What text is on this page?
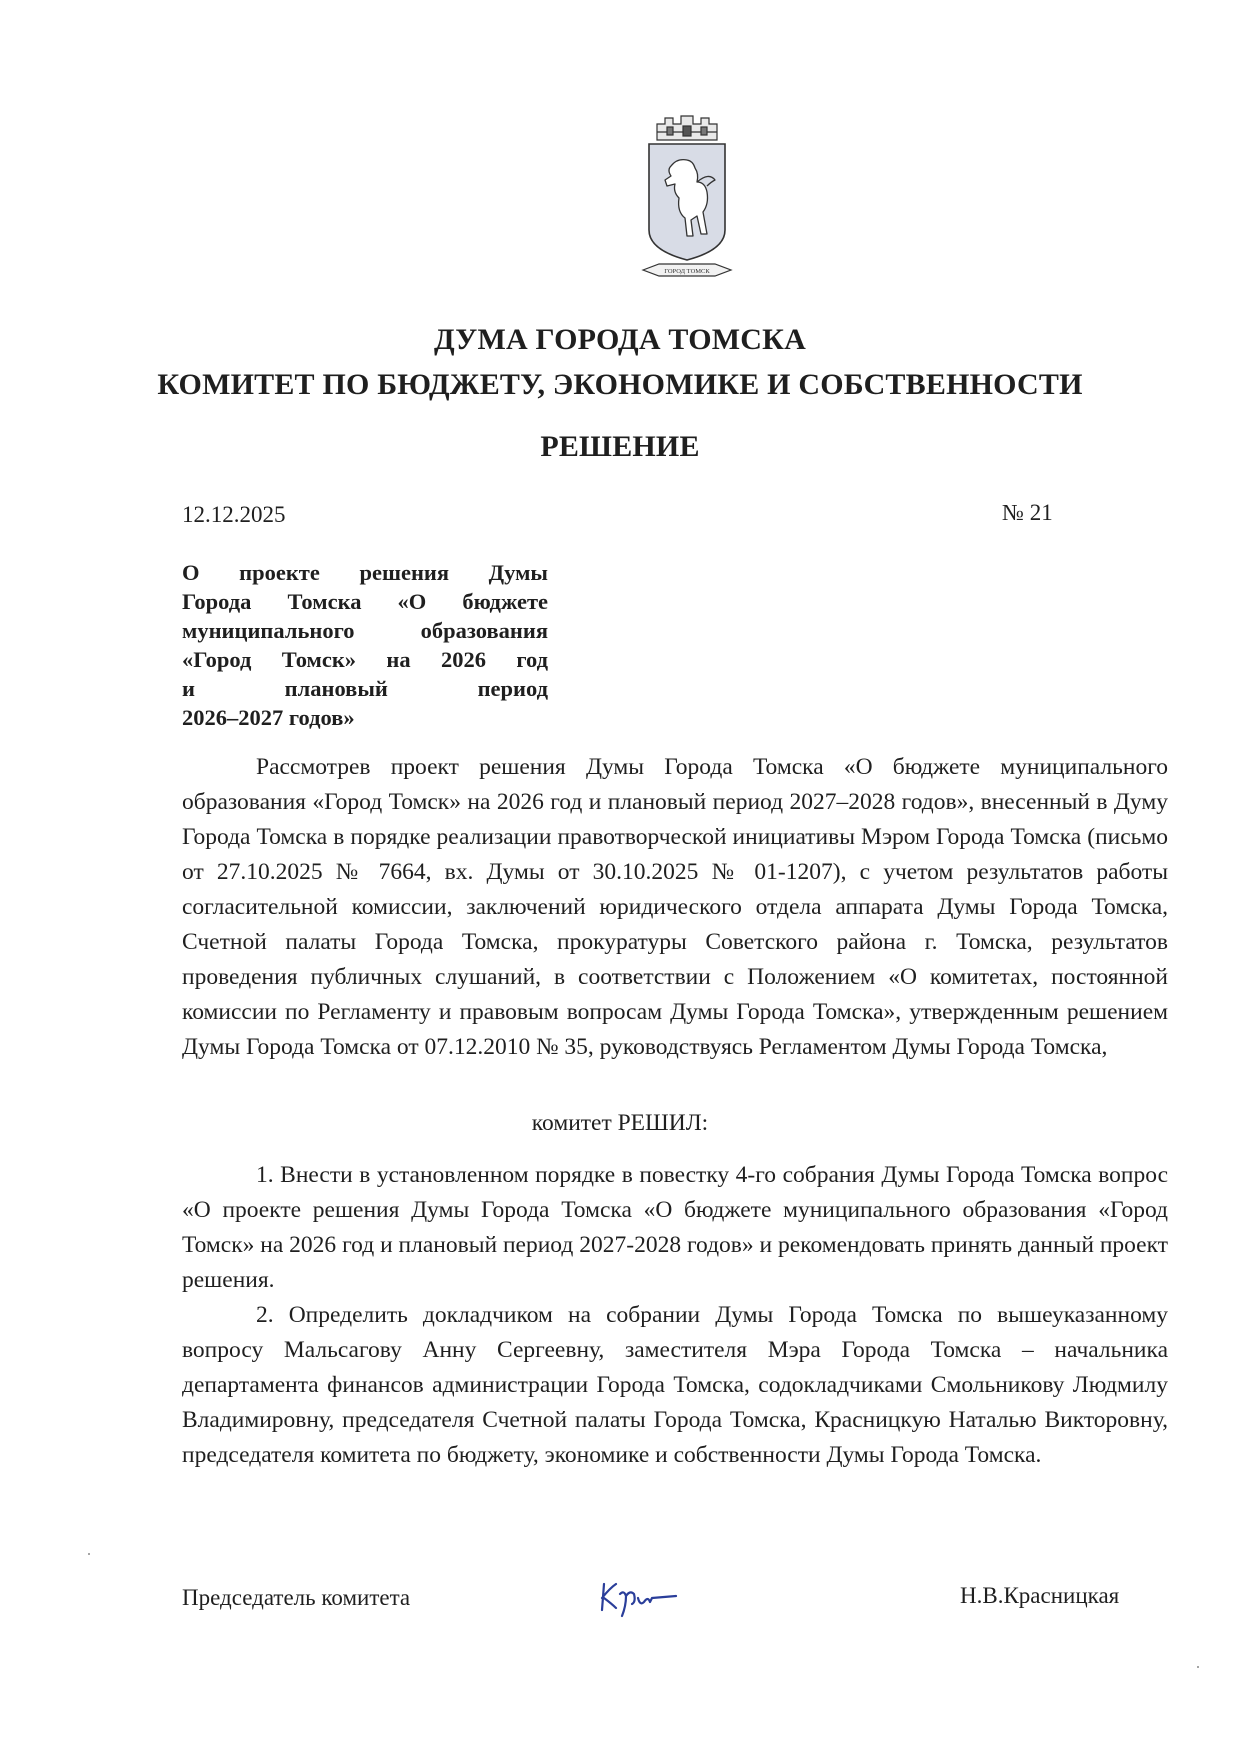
ГОРОД ТОМСК
ДУМА ГОРОДА ТОМСКА
КОМИТЕТ ПО БЮДЖЕТУ, ЭКОНОМИКЕ И СОБСТВЕННОСТИ
РЕШЕНИЕ
12.12.2025	№ 21
О проекте решения Думы
Города Томска «О бюджете
муниципального образования
«Город Томск» на 2026 год
и плановый период
2026–2027 годов»

Рассмотрев проект решения Думы Города Томска «О бюджете муниципального образования «Город Томск» на 2026 год и плановый период 2027–2028 годов», внесенный в Думу Города Томска в порядке реализации правотворческой инициативы Мэром Города Томска (письмо от 27.10.2025 № 7664, вх. Думы от 30.10.2025 № 01-1207), с учетом результатов работы согласительной комиссии, заключений юридического отдела аппарата Думы Города Томска, Счетной палаты Города Томска, прокуратуры Советского района г. Томска, результатов проведения публичных слушаний, в соответствии с Положением «О комитетах, постоянной комиссии по Регламенту и правовым вопросам Думы Города Томска», утвержденным решением Думы Города Томска от 07.12.2010 № 35, руководствуясь Регламентом Думы Города Томска,

комитет РЕШИЛ:

1. Внести в установленном порядке в повестку 4-го собрания Думы Города Томска вопрос «О проекте решения Думы Города Томска «О бюджете муниципального образования «Город Томск» на 2026 год и плановый период 2027-2028 годов» и рекомендовать принять данный проект решения.

2. Определить докладчиком на собрании Думы Города Томска по вышеуказанному вопросу Мальсагову Анну Сергеевну, заместителя Мэра Города Томска – начальника департамента финансов администрации Города Томска, содокладчиками Смольникову Людмилу Владимировну, председателя Счетной палаты Города Томска, Красницкую Наталью Викторовну, председателя комитета по бюджету, экономике и собственности Думы Города Томска.

Председатель комитета	Н.В.Красницкая
